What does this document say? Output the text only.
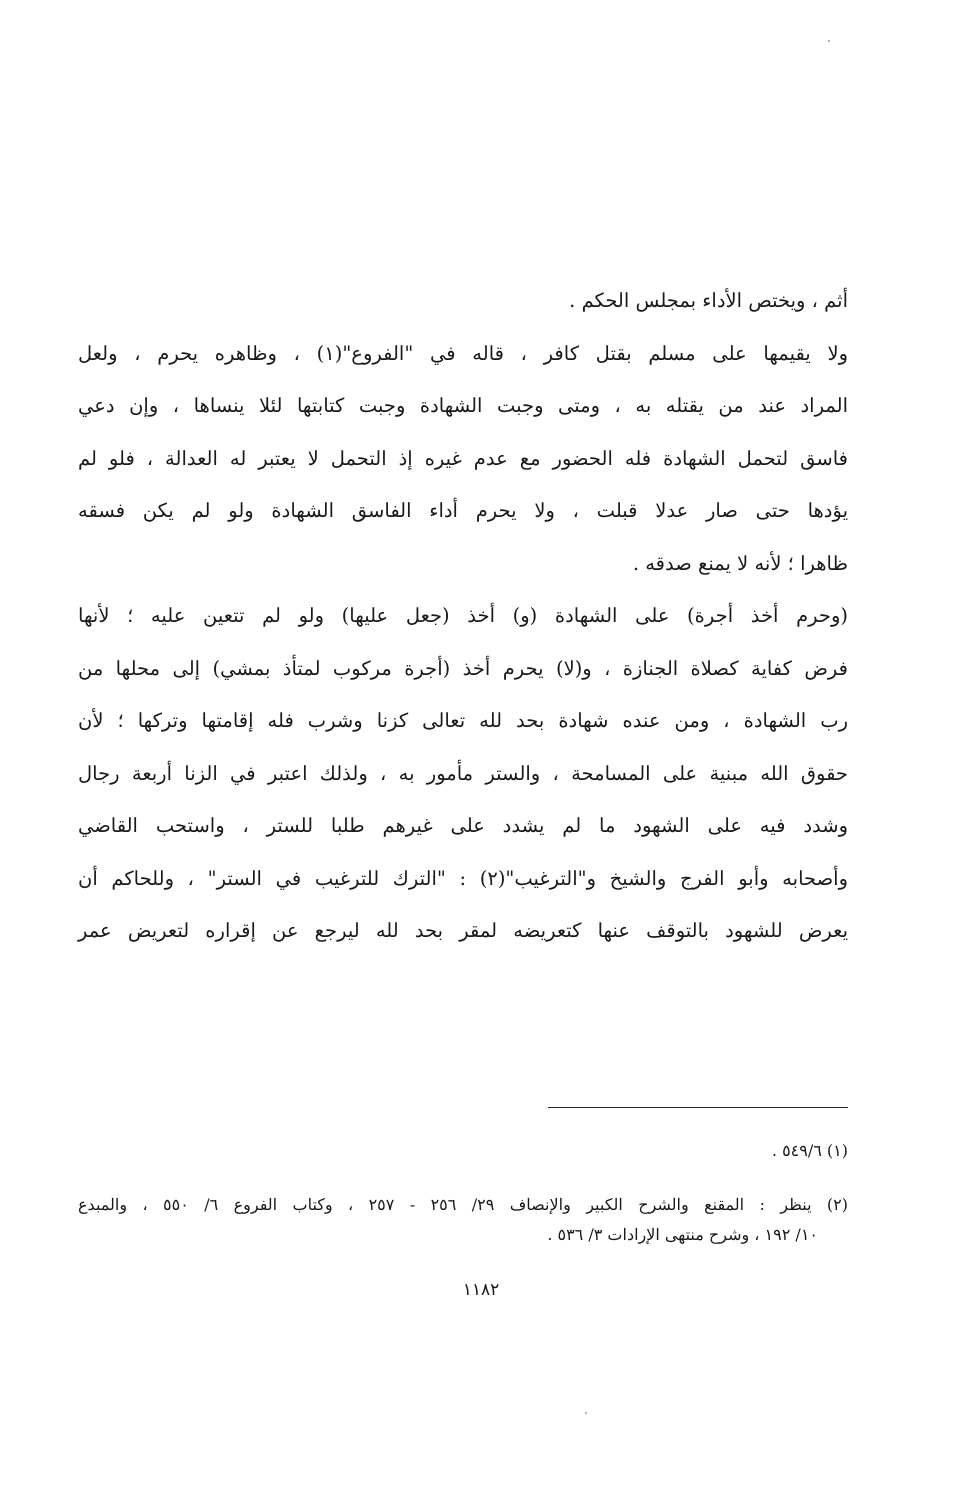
أثم ، ويختص الأداء بمجلس الحكم .
ولا يقيمها على مسلم بقتل كافر ، قاله في "الفروع"(١) ، وظاهره يحرم ، ولعل
المراد عند من يقتله به ، ومتى وجبت الشهادة وجبت كتابتها لئلا ينساها ، وإن دعي
فاسق لتحمل الشهادة فله الحضور مع عدم غيره إذ التحمل لا يعتبر له العدالة ، فلو لم
يؤدها حتى صار عدلا قبلت ، ولا يحرم أداء الفاسق الشهادة ولو لم يكن فسقه
ظاهرا ؛ لأنه لا يمنع صدقه .
(وحرم أخذ أجرة) على الشهادة (و) أخذ (جعل عليها) ولو لم تتعين عليه ؛ لأنها
فرض كفاية كصلاة الجنازة ، و(لا) يحرم أخذ (أجرة مركوب لمتأذ بمشي) إلى محلها من
رب الشهادة ، ومن عنده شهادة بحد لله تعالى كزنا وشرب فله إقامتها وتركها ؛ لأن
حقوق الله مبنية على المسامحة ، والستر مأمور به ، ولذلك اعتبر في الزنا أربعة رجال
وشدد فيه على الشهود ما لم يشدد على غيرهم طلبا للستر ، واستحب القاضي
وأصحابه وأبو الفرج والشيخ و"الترغيب"(٢) : "الترك للترغيب في الستر" ، وللحاكم أن
يعرض للشهود بالتوقف عنها كتعريضه لمقر بحد لله ليرجع عن إقراره لتعريض عمر
(١) ٥٤٩/٦ .
(٢) ينظر : المقنع والشرح الكبير والإنصاف ٢٩/ ٢٥٦ - ٢٥٧ ، وكتاب الفروع ٦/ ٥٥٠ ، والمبدع
١٠/ ١٩٢ ، وشرح منتهى الإرادات ٣/ ٥٣٦ .
١١٨٢
